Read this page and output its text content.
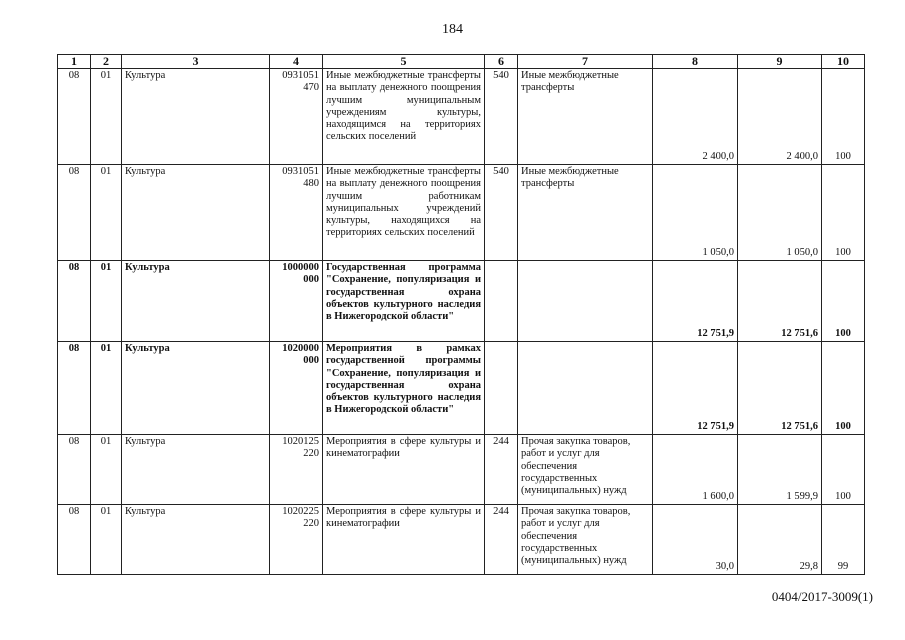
184
1	2	3	4	5	6	7	8	9	10
08	01	Культура	0931051 470	Иные межбюджетные трансферты на выплату денежного поощрения лучшим муниципальным учреждениям культуры, находящимся на территориях сельских поселений	540	Иные межбюджетные трансферты	2 400,0	2 400,0	100
08	01	Культура	0931051 480	Иные межбюджетные трансферты на выплату денежного поощрения лучшим работникам муниципальных учреждений культуры, находящихся на территориях сельских поселений	540	Иные межбюджетные трансферты	1 050,0	1 050,0	100
08	01	Культура	1000000 000	Государственная программа "Сохранение, популяризация и государственная охрана объектов культурного наследия в Нижегородской области"			12 751,9	12 751,6	100
08	01	Культура	1020000 000	Мероприятия в рамках государственной программы "Сохранение, популяризация и государственная охрана объектов культурного наследия в Нижегородской области"			12 751,9	12 751,6	100
08	01	Культура	1020125 220	Мероприятия в сфере культуры и кинематографии	244	Прочая закупка товаров, работ и услуг для обеспечения государственных (муниципальных) нужд	1 600,0	1 599,9	100
08	01	Культура	1020225 220	Мероприятия в сфере культуры и кинематографии	244	Прочая закупка товаров, работ и услуг для обеспечения государственных (муниципальных) нужд	30,0	29,8	99
0404/2017-3009(1)
